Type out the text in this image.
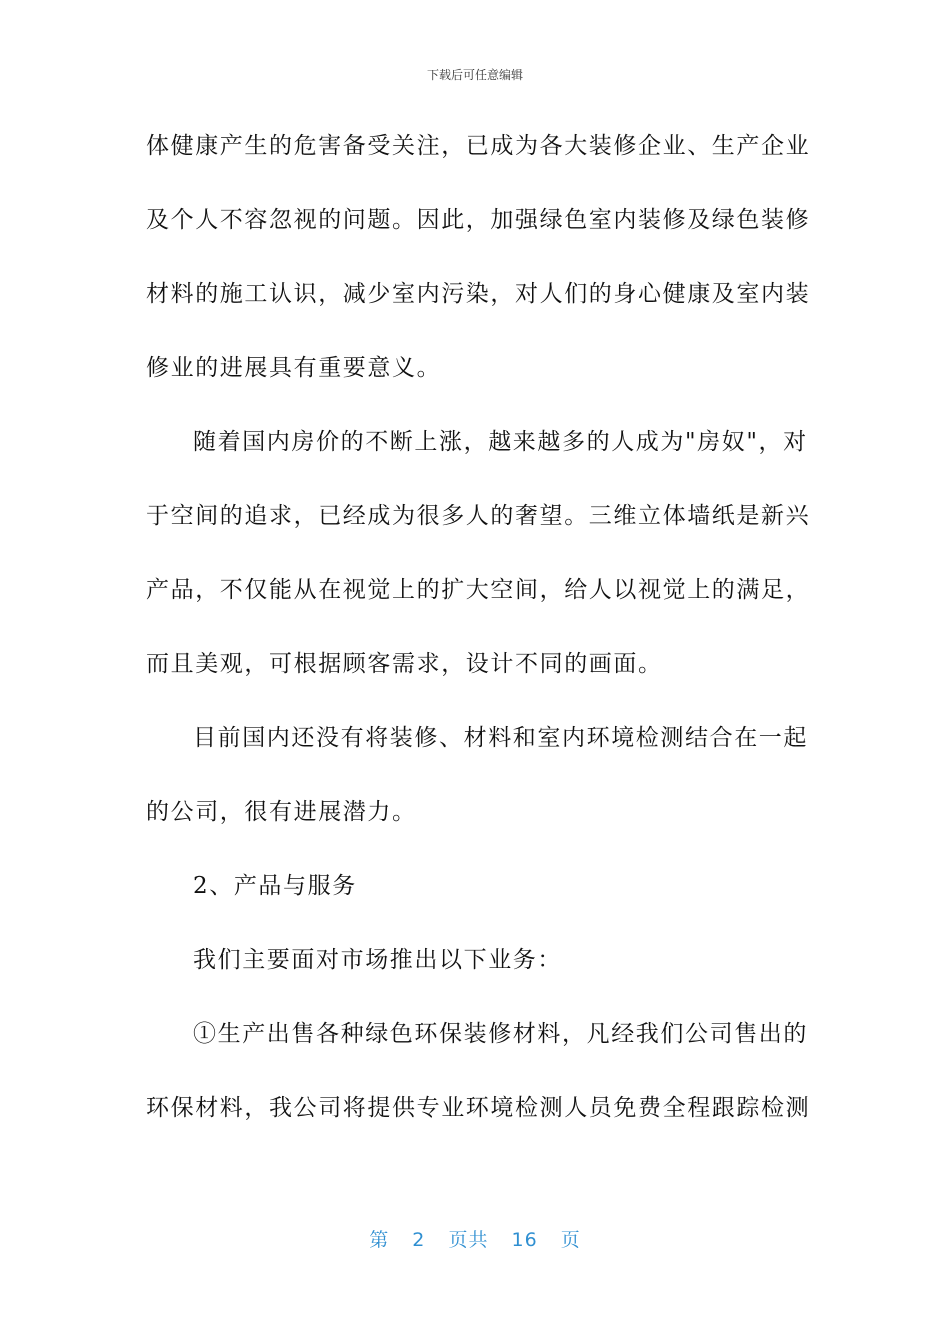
下载后可任意编辑
体健康产生的危害备受关注，已成为各大装修企业、生产企业
及个人不容忽视的问题。因此，加强绿色室内装修及绿色装修
材料的施工认识，减少室内污染，对人们的身心健康及室内装
修业的进展具有重要意义。
随着国内房价的不断上涨，越来越多的人成为"房奴"，对
于空间的追求，已经成为很多人的奢望。三维立体墙纸是新兴
产品，不仅能从在视觉上的扩大空间，给人以视觉上的满足，
而且美观，可根据顾客需求，设计不同的画面。
目前国内还没有将装修、材料和室内环境检测结合在一起
的公司，很有进展潜力。
2、产品与服务
我们主要面对市场推出以下业务：
①生产出售各种绿色环保装修材料，凡经我们公司售出的
环保材料，我公司将提供专业环境检测人员免费全程跟踪检测
第 2 页共 16 页
